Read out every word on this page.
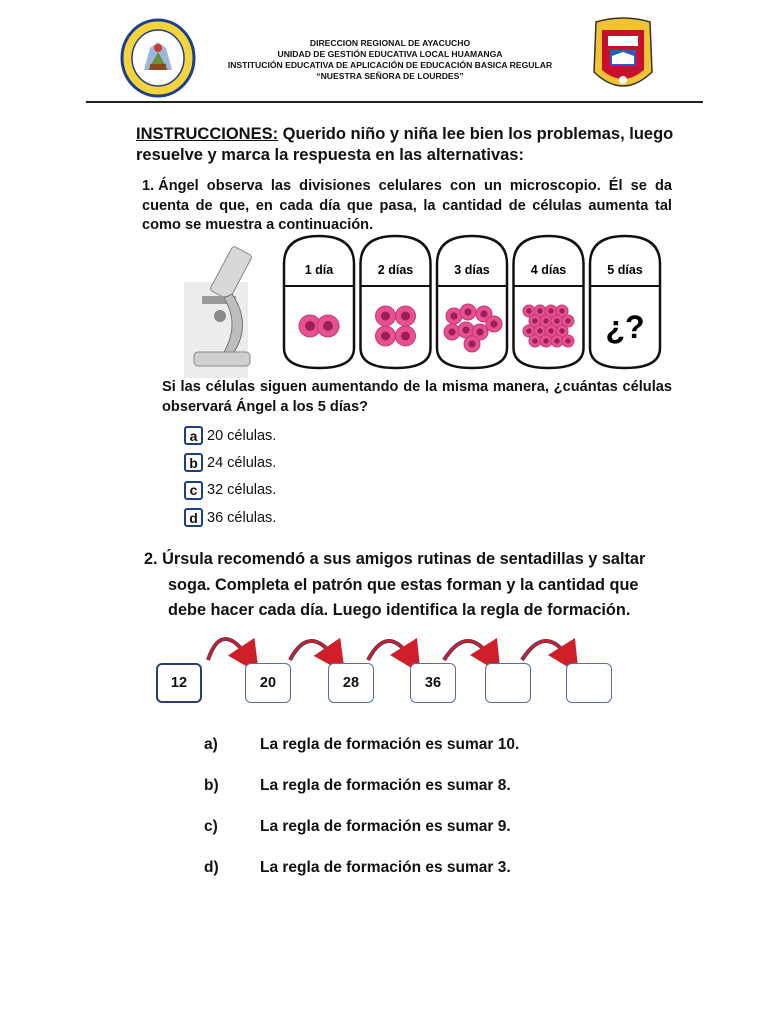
DIRECCION REGIONAL DE AYACUCHO
UNIDAD DE GESTIÓN EDUCATIVA LOCAL HUAMANGA
INSTITUCIÓN EDUCATIVA DE APLICACIÓN DE EDUCACIÓN BASICA REGULAR
“NUESTRA SEÑORA DE LOURDES”
INSTRUCCIONES: Querido niño y niña lee bien los problemas, luego resuelve y marca la respuesta en las alternativas:
1. Ángel observa las divisiones celulares con un microscopio. Él se da cuenta de que, en cada día que pasa, la cantidad de células aumenta tal como se muestra a continuación.
1 día	2 días	3 días	4 días	5 días
¿?
Si las células siguen aumentando de la misma manera, ¿cuántas células observará Ángel a los 5 días?
a 20 células.
b 24 células.
c 32 células.
d 36 células.
2. Úrsula recomendó a sus amigos rutinas de sentadillas y saltar
soga. Completa el patrón que estas forman y la cantidad que
debe hacer cada día. Luego identifica la regla de formación.
12	20	28	36
a)	La regla de formación es sumar 10.
b)	La regla de formación es sumar 8.
c)	La regla de formación es sumar 9.
d)	La regla de formación es sumar 3.
